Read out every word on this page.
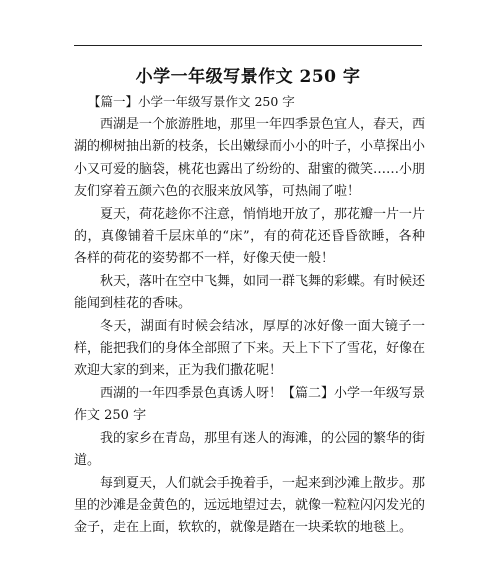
小学一年级写景作文 250 字
【篇一】小学一年级写景作文 250 字

西湖是一个旅游胜地，那里一年四季景色宜人，春天，西湖的柳树抽出新的枝条，长出嫩绿而小小的叶子，小草探出小小又可爱的脑袋，桃花也露出了纷纷的、甜蜜的微笑……小朋友们穿着五颜六色的衣服来放风筝，可热闹了啦！

夏天，荷花趁你不注意，悄悄地开放了，那花瓣一片一片的，真像铺着千层床单的“床”，有的荷花还昏昏欲睡，各种各样的荷花的姿势都不一样，好像天使一般！

秋天，落叶在空中飞舞，如同一群飞舞的彩蝶。有时候还能闻到桂花的香味。

冬天，湖面有时候会结冰，厚厚的冰好像一面大镜子一样，能把我们的身体全部照了下来。天上下下了雪花，好像在欢迎大家的到来，正为我们撒花呢！

西湖的一年四季景色真诱人呀！【篇二】小学一年级写景作文 250 字

我的家乡在青岛，那里有迷人的海滩，的公园的繁华的街道。

每到夏天，人们就会手挽着手，一起来到沙滩上散步。那里的沙滩是金黄色的，远远地望过去，就像一粒粒闪闪发光的金子，走在上面，软软的，就像是踏在一块柔软的地毯上。
